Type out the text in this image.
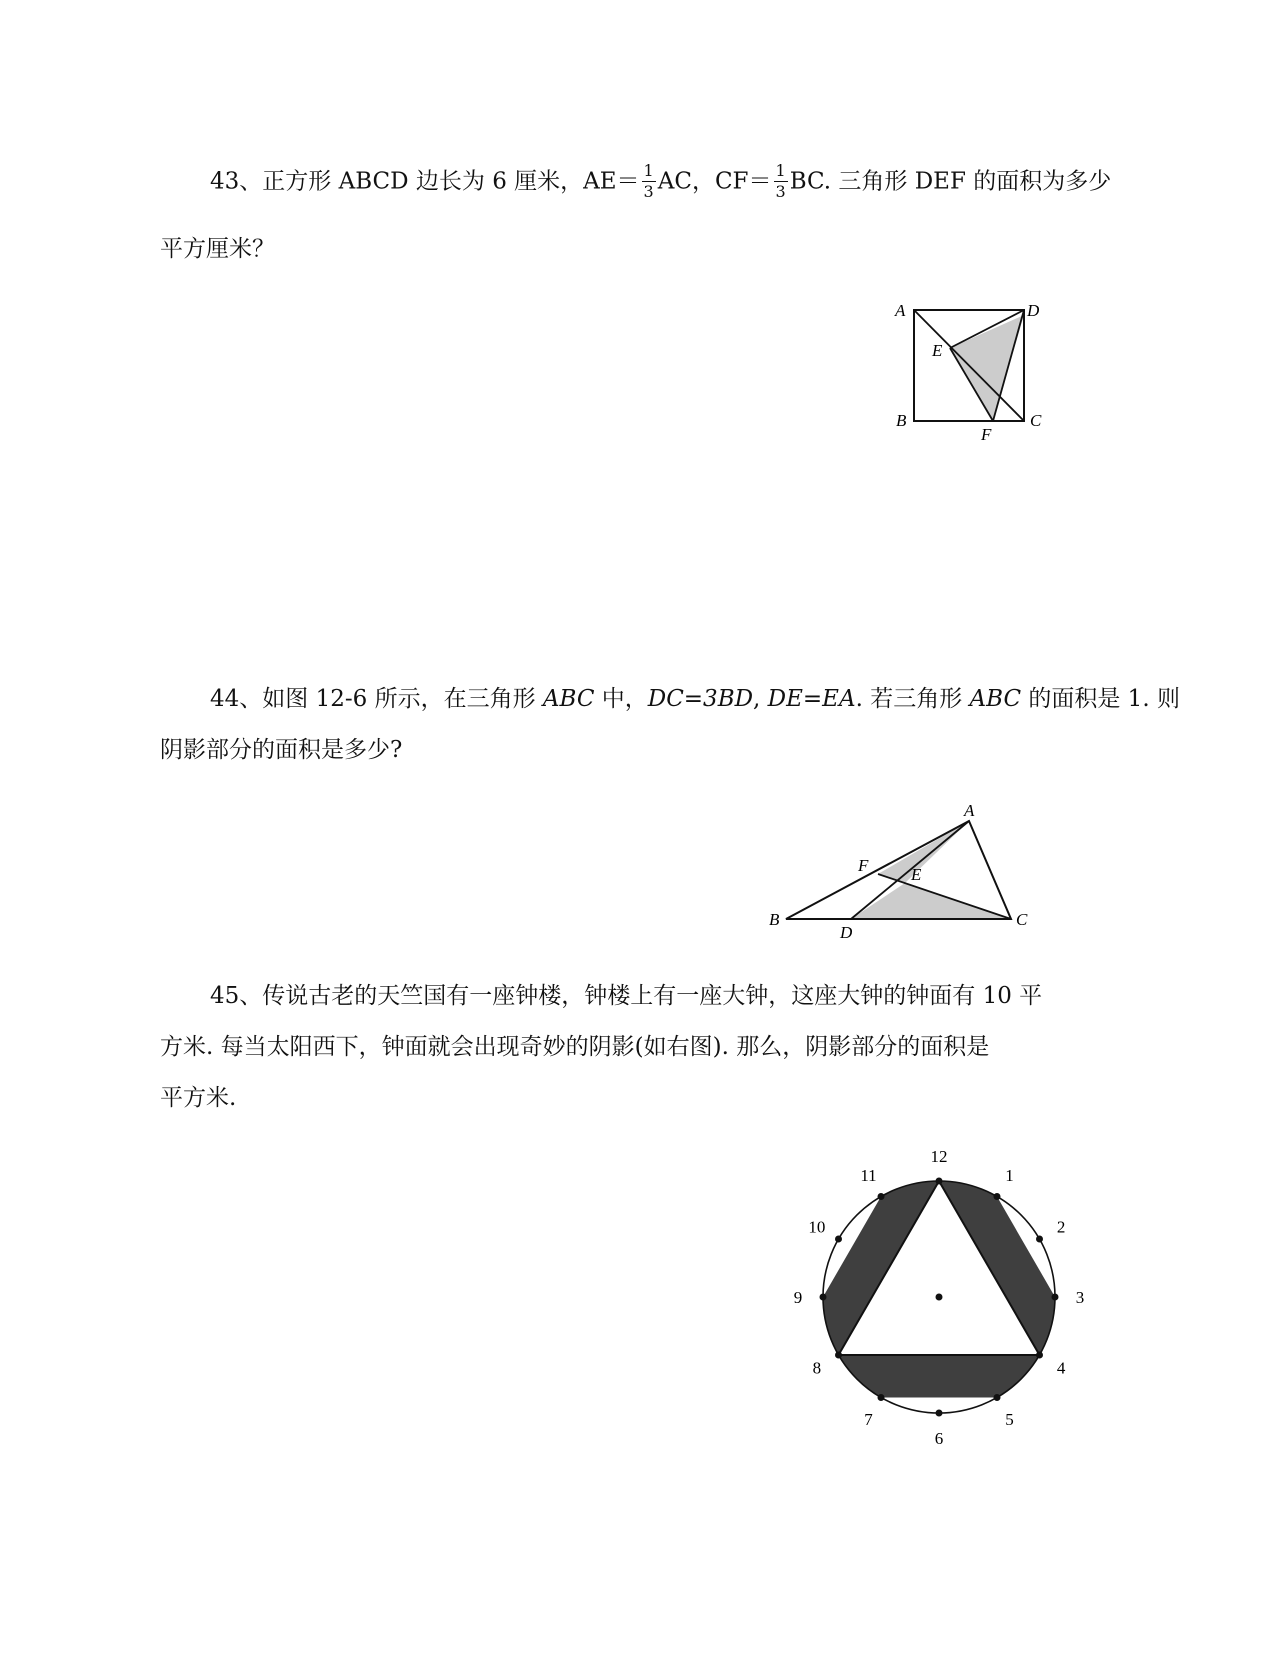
43、正方形 ABCD 边长为 6 厘米，$AE= \frac{1}{3}$ AC，$CF= \frac{1}{3}$ BC. 三角形 DEF 的面积为多少
平方厘米？
A	D
E
B	C
F
44、如图 12-6 所示，在三角形 ABC 中，DC=3BD, DE=EA. 若三角形 ABC 的面积是 1. 则
阴影部分的面积是多少?
A
F	E
B
D
C
45、传说古老的天竺国有一座钟楼，钟楼上有一座大钟，这座大钟的钟面有 10 平
方米. 每当太阳西下，钟面就会出现奇妙的阴影(如右图). 那么，阴影部分的面积是
平方米.
12
1
2
3
4
5
6
7
8
9
10
11
